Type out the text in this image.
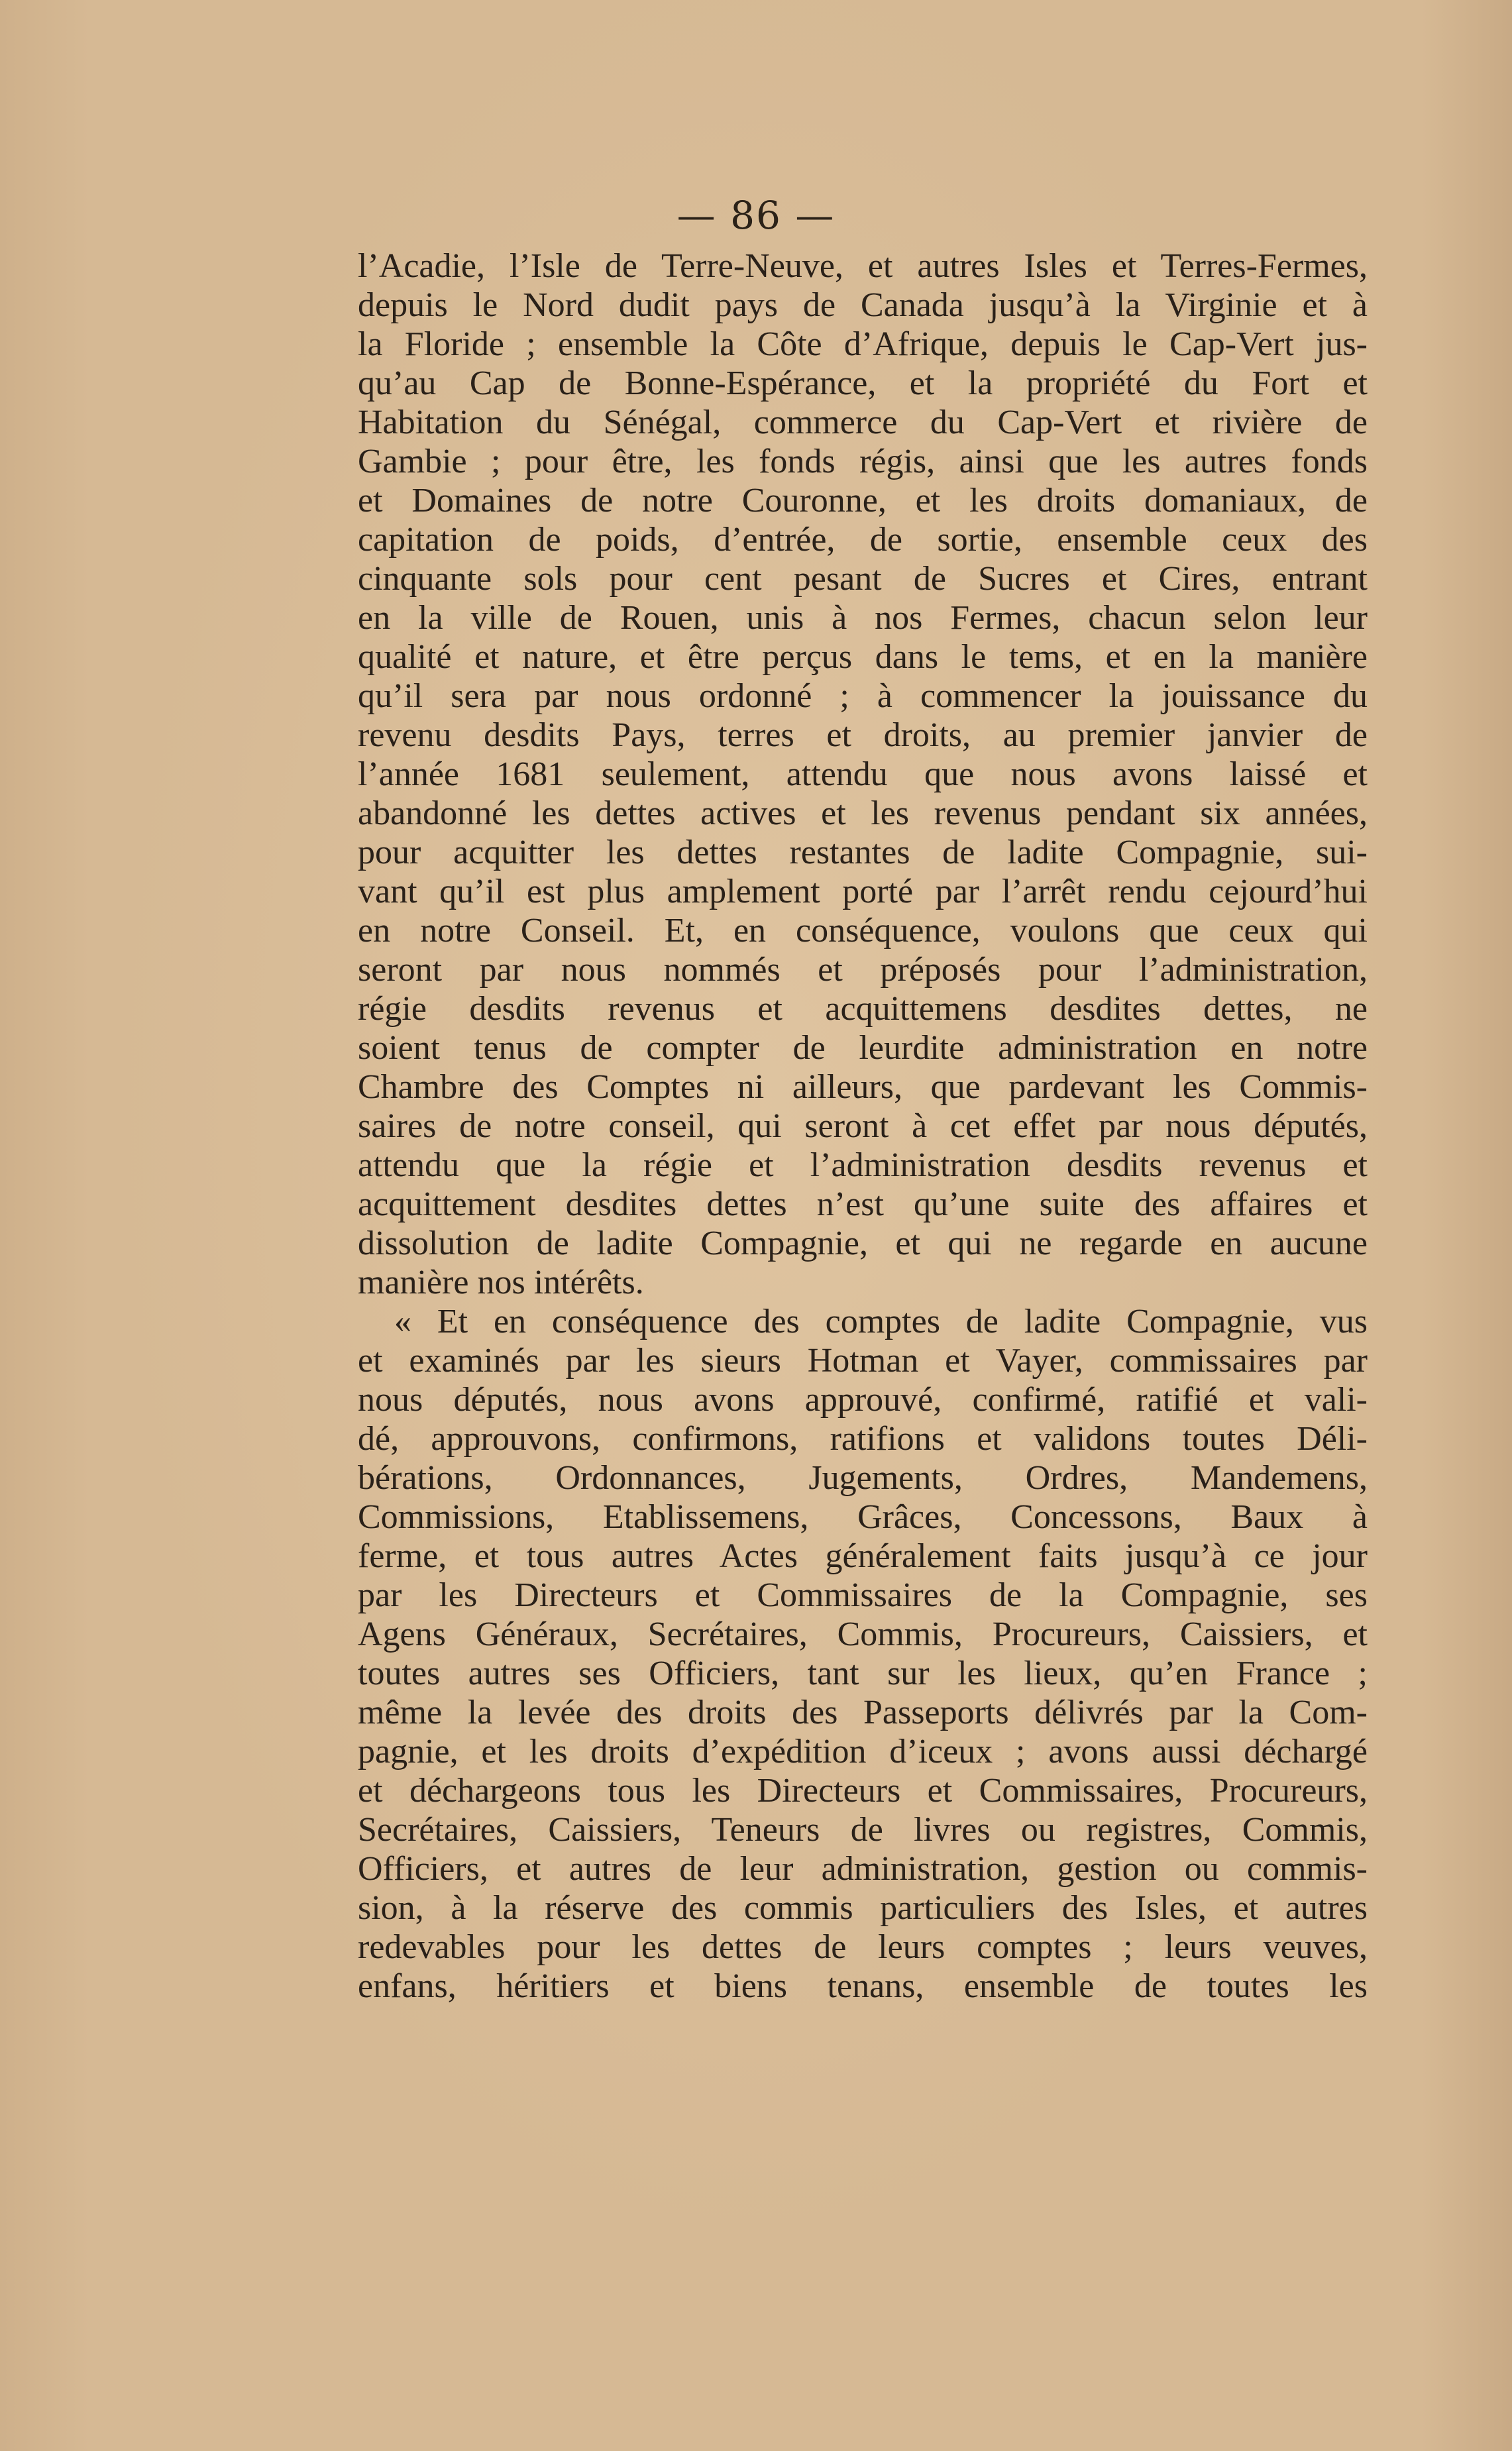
— 86 —
l’Acadie, l’Isle de Terre-Neuve, et autres Isles et Terres-Fermes,
depuis le Nord dudit pays de Canada jusqu’à la Virginie et à
la Floride ; ensemble la Côte d’Afrique, depuis le Cap-Vert jus-
qu’au Cap de Bonne-Espérance, et la propriété du Fort et
Habitation du Sénégal, commerce du Cap-Vert et rivière de
Gambie ; pour être, les fonds régis, ainsi que les autres fonds
et Domaines de notre Couronne, et les droits domaniaux, de
capitation de poids, d’entrée, de sortie, ensemble ceux des
cinquante sols pour cent pesant de Sucres et Cires, entrant
en la ville de Rouen, unis à nos Fermes, chacun selon leur
qualité et nature, et être perçus dans le tems, et en la manière
qu’il sera par nous ordonné ; à commencer la jouissance du
revenu desdits Pays, terres et droits, au premier janvier de
l’année 1681 seulement, attendu que nous avons laissé et
abandonné les dettes actives et les revenus pendant six années,
pour acquitter les dettes restantes de ladite Compagnie, sui-
vant qu’il est plus amplement porté par l’arrêt rendu cejourd’hui
en notre Conseil. Et, en conséquence, voulons que ceux qui
seront par nous nommés et préposés pour l’administration,
régie desdits revenus et acquittemens desdites dettes, ne
soient tenus de compter de leurdite administration en notre
Chambre des Comptes ni ailleurs, que pardevant les Commis-
saires de notre conseil, qui seront à cet effet par nous députés,
attendu que la régie et l’administration desdits revenus et
acquittement desdites dettes n’est qu’une suite des affaires et
dissolution de ladite Compagnie, et qui ne regarde en aucune
manière nos intérêts.
« Et en conséquence des comptes de ladite Compagnie, vus
et examinés par les sieurs Hotman et Vayer, commissaires par
nous députés, nous avons approuvé, confirmé, ratifié et vali-
dé, approuvons, confirmons, ratifions et validons toutes Déli-
bérations, Ordonnances, Jugements, Ordres, Mandemens,
Commissions, Etablissemens, Grâces, Concessons, Baux à
ferme, et tous autres Actes généralement faits jusqu’à ce jour
par les Directeurs et Commissaires de la Compagnie, ses
Agens Généraux, Secrétaires, Commis, Procureurs, Caissiers, et
toutes autres ses Officiers, tant sur les lieux, qu’en France ;
même la levée des droits des Passeports délivrés par la Com-
pagnie, et les droits d’expédition d’iceux ; avons aussi déchargé
et déchargeons tous les Directeurs et Commissaires, Procureurs,
Secrétaires, Caissiers, Teneurs de livres ou registres, Commis,
Officiers, et autres de leur administration, gestion ou commis-
sion, à la réserve des commis particuliers des Isles, et autres
redevables pour les dettes de leurs comptes ; leurs veuves,
enfans, héritiers et biens tenans, ensemble de toutes les
